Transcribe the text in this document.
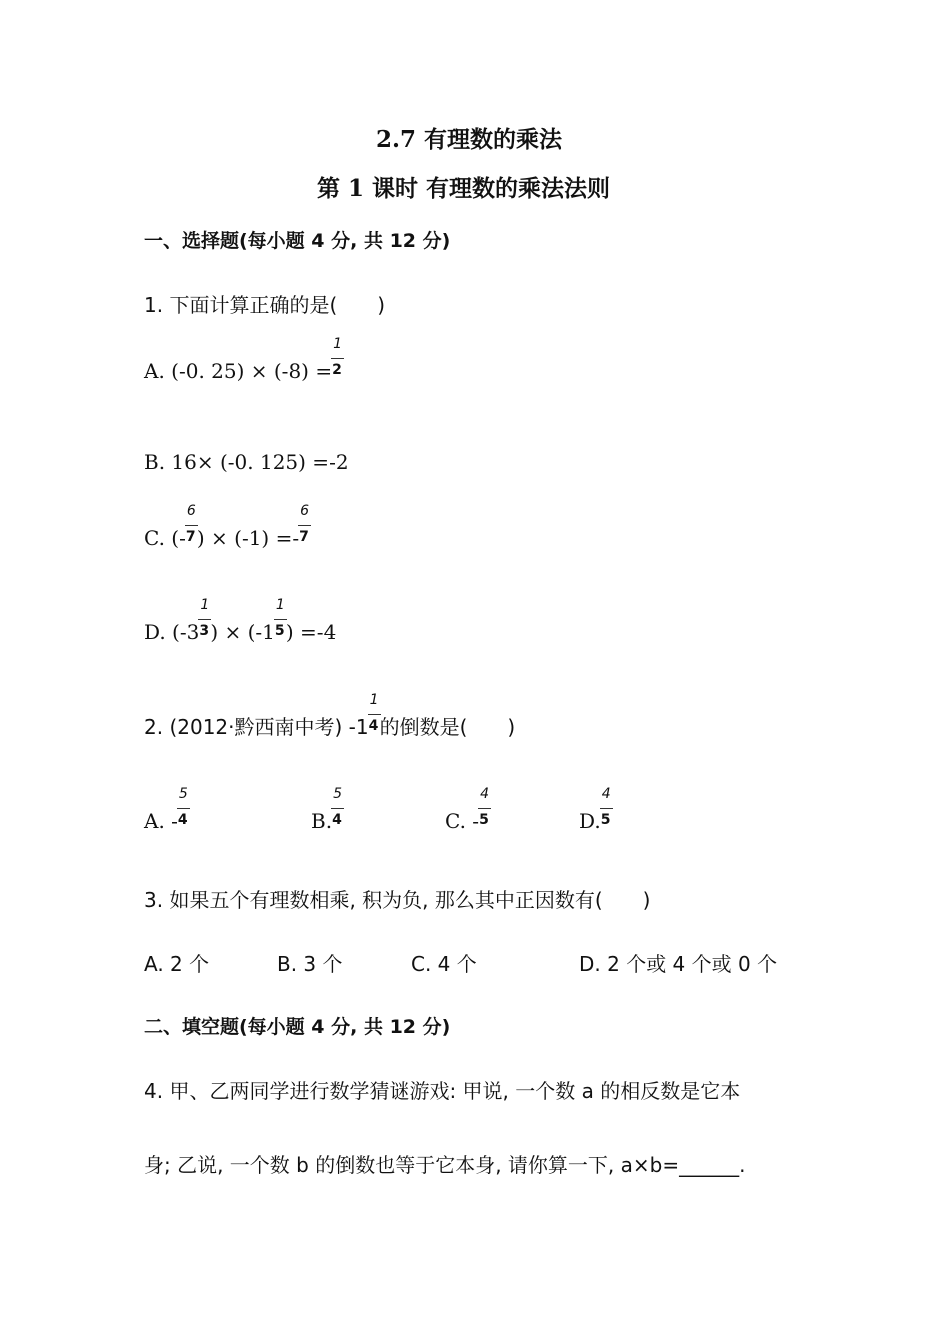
2.7 有理数的乘法
第 1 课时 有理数的乘法法则
一、选择题(每小题 4 分, 共 12 分)
1. 下面计算正确的是(　　)
A. (-0. $25) \times (-8) = \frac{1}{2}$
B. 16× (-0. 125) =-2
C. (- $\frac{6}{7}$ ) × $(-1) =- \frac{6}{7}$
D. ($-3 \frac{1}{3}$ ) × ($-1 \frac{1}{5}$ ) =-4
2. (2012·黔西南中考) $-1 \frac{1}{4}$ 的倒数是(　　)
A. - $\frac{5}{4}$	B. $\frac{5}{4}$	C. - $\frac{4}{5}$	D. $\frac{4}{5}$
3. 如果五个有理数相乘, 积为负, 那么其中正因数有(　　)
A. 2 个	B. 3 个	C. 4 个	D. 2 个或 4 个或 0 个
二、填空题(每小题 4 分, 共 12 分)
4. 甲、乙两同学进行数学猜谜游戏: 甲说, 一个数 a 的相反数是它本
身; 乙说, 一个数 b 的倒数也等于它本身, 请你算一下, a×b=______.
